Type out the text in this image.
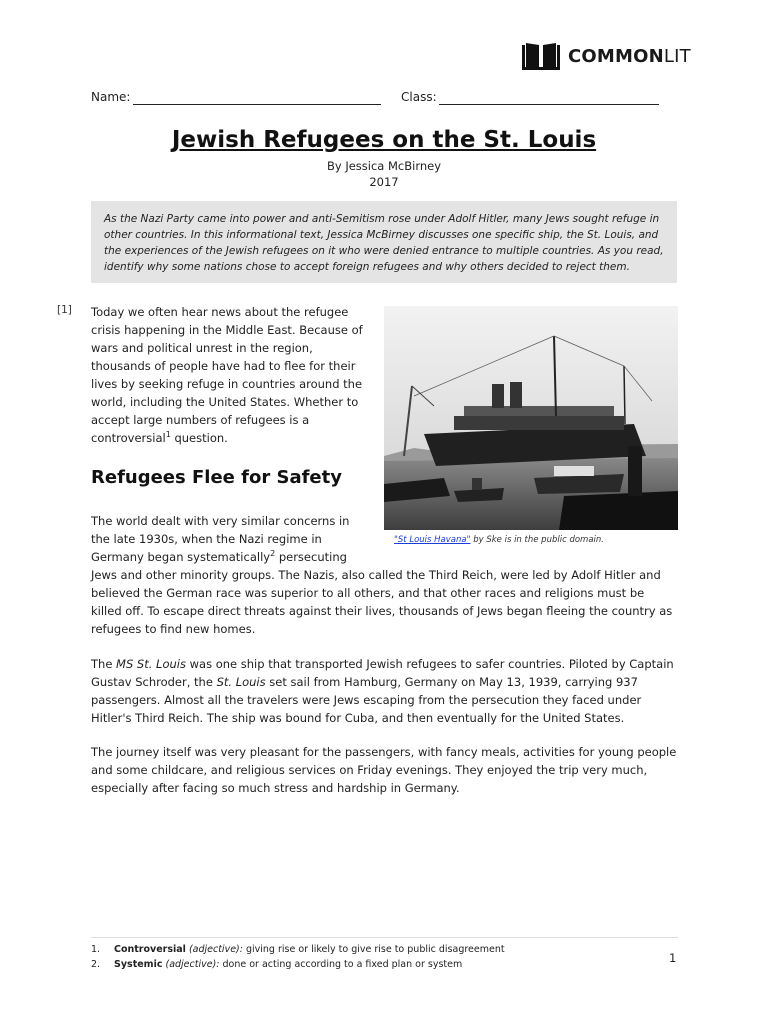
COMMONLIT
Name:	Class:
Jewish Refugees on the St. Louis
By Jessica McBirney
2017
As the Nazi Party came into power and anti-Semitism rose under Adolf Hitler, many Jews sought refuge in other countries. In this informational text, Jessica McBirney discusses one specific ship, the St. Louis, and the experiences of the Jewish refugees on it who were denied entrance to multiple countries. As you read, identify why some nations chose to accept foreign refugees and why others decided to reject them.
[1] Today we often hear news about the refugee crisis happening in the Middle East. Because of wars and political unrest in the region, thousands of people have had to flee for their lives by seeking refuge in countries around the world, including the United States. Whether to accept large numbers of refugees is a controversial$^1$ question.
"St Louis Havana" by Ske is in the public domain.
Refugees Flee for Safety
The world dealt with very similar concerns in the late 1930s, when the Nazi regime in Germany began systematically$^2$ persecuting Jews and other minority groups. The Nazis, also called the Third Reich, were led by Adolf Hitler and believed the German race was superior to all others, and that other races and religions must be killed off. To escape direct threats against their lives, thousands of Jews began fleeing the country as refugees to find new homes.
The MS St. Louis was one ship that transported Jewish refugees to safer countries. Piloted by Captain Gustav Schroder, the St. Louis set sail from Hamburg, Germany on May 13, 1939, carrying 937 passengers. Almost all the travelers were Jews escaping from the persecution they faced under Hitler's Third Reich. The ship was bound for Cuba, and then eventually for the United States.
The journey itself was very pleasant for the passengers, with fancy meals, activities for young people and some childcare, and religious services on Friday evenings. They enjoyed the trip very much, especially after facing so much stress and hardship in Germany.
1.	Controversial (adjective): giving rise or likely to give rise to public disagreement
2.	Systemic (adjective): done or acting according to a fixed plan or system	1
